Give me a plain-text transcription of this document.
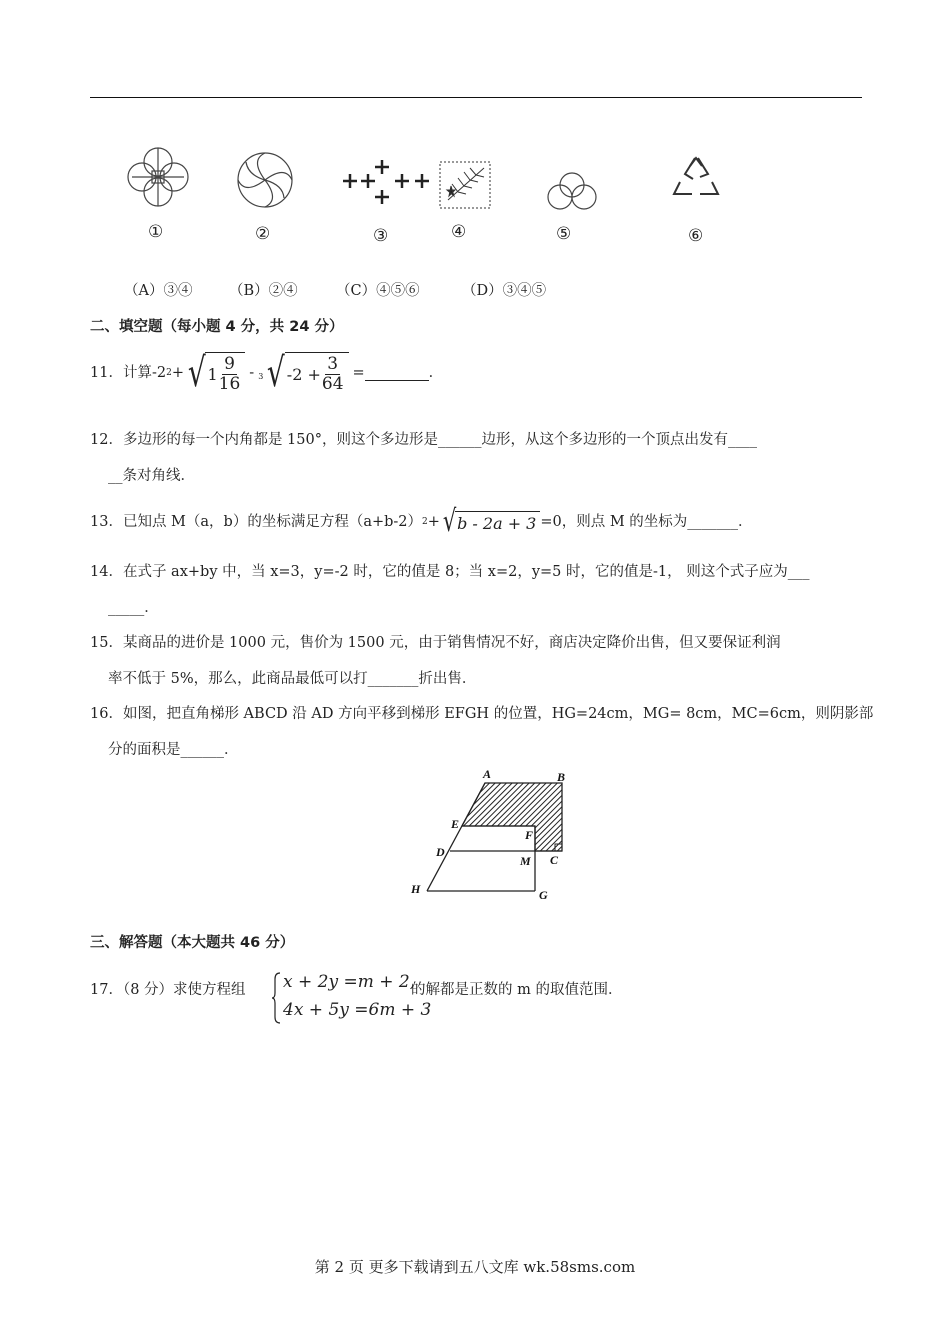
①	②	③	④	⑤	⑥
（A）③④	（B）②④	（C）④⑤⑥	（D）③④⑤
二、填空题（每小题 4 分，共 24 分）
11．计算-2 2 + √ $1 \frac{9}{16} - 3$ √ $-2 + \frac{3}{64}$ =	．
12．多边形的每一个内角都是 150°，则这个多边形是______边形，从这个多边形的一个顶点出发有____
__条对角线．
13．已知点 M（a，b）的坐标满足方程（a+b-2） 2 + √ b - 2a + 3 =0，则点 M 的坐标为_______．
14．在式子 ax+by 中，当 x=3，y=-2 时，它的值是 8；当 x=2，y=5 时，它的值是-1， 则这个式子应为___
_____．
15．某商品的进价是 1000 元，售价为 1500 元，由于销售情况不好，商店决定降价出售，但又要保证利润
率不低于 5%，那么，此商品最低可以打_______折出售．
16．如图，把直角梯形 ABCD 沿 AD 方向平移到梯形 EFGH 的位置，HG=24cm，MG= 8cm，MC=6cm，则阴影部
分的面积是______．
A	B
E
F
D
M C
H	G
三、解答题（本大题共 46 分）
17．（8 分）求使方程组 x + 2y =m + 2,
4x + 5y =6m + 3
的解都是正数的 m 的取值范围．
第 2 页 更多下载请到五八文库 wk.58sms.com
